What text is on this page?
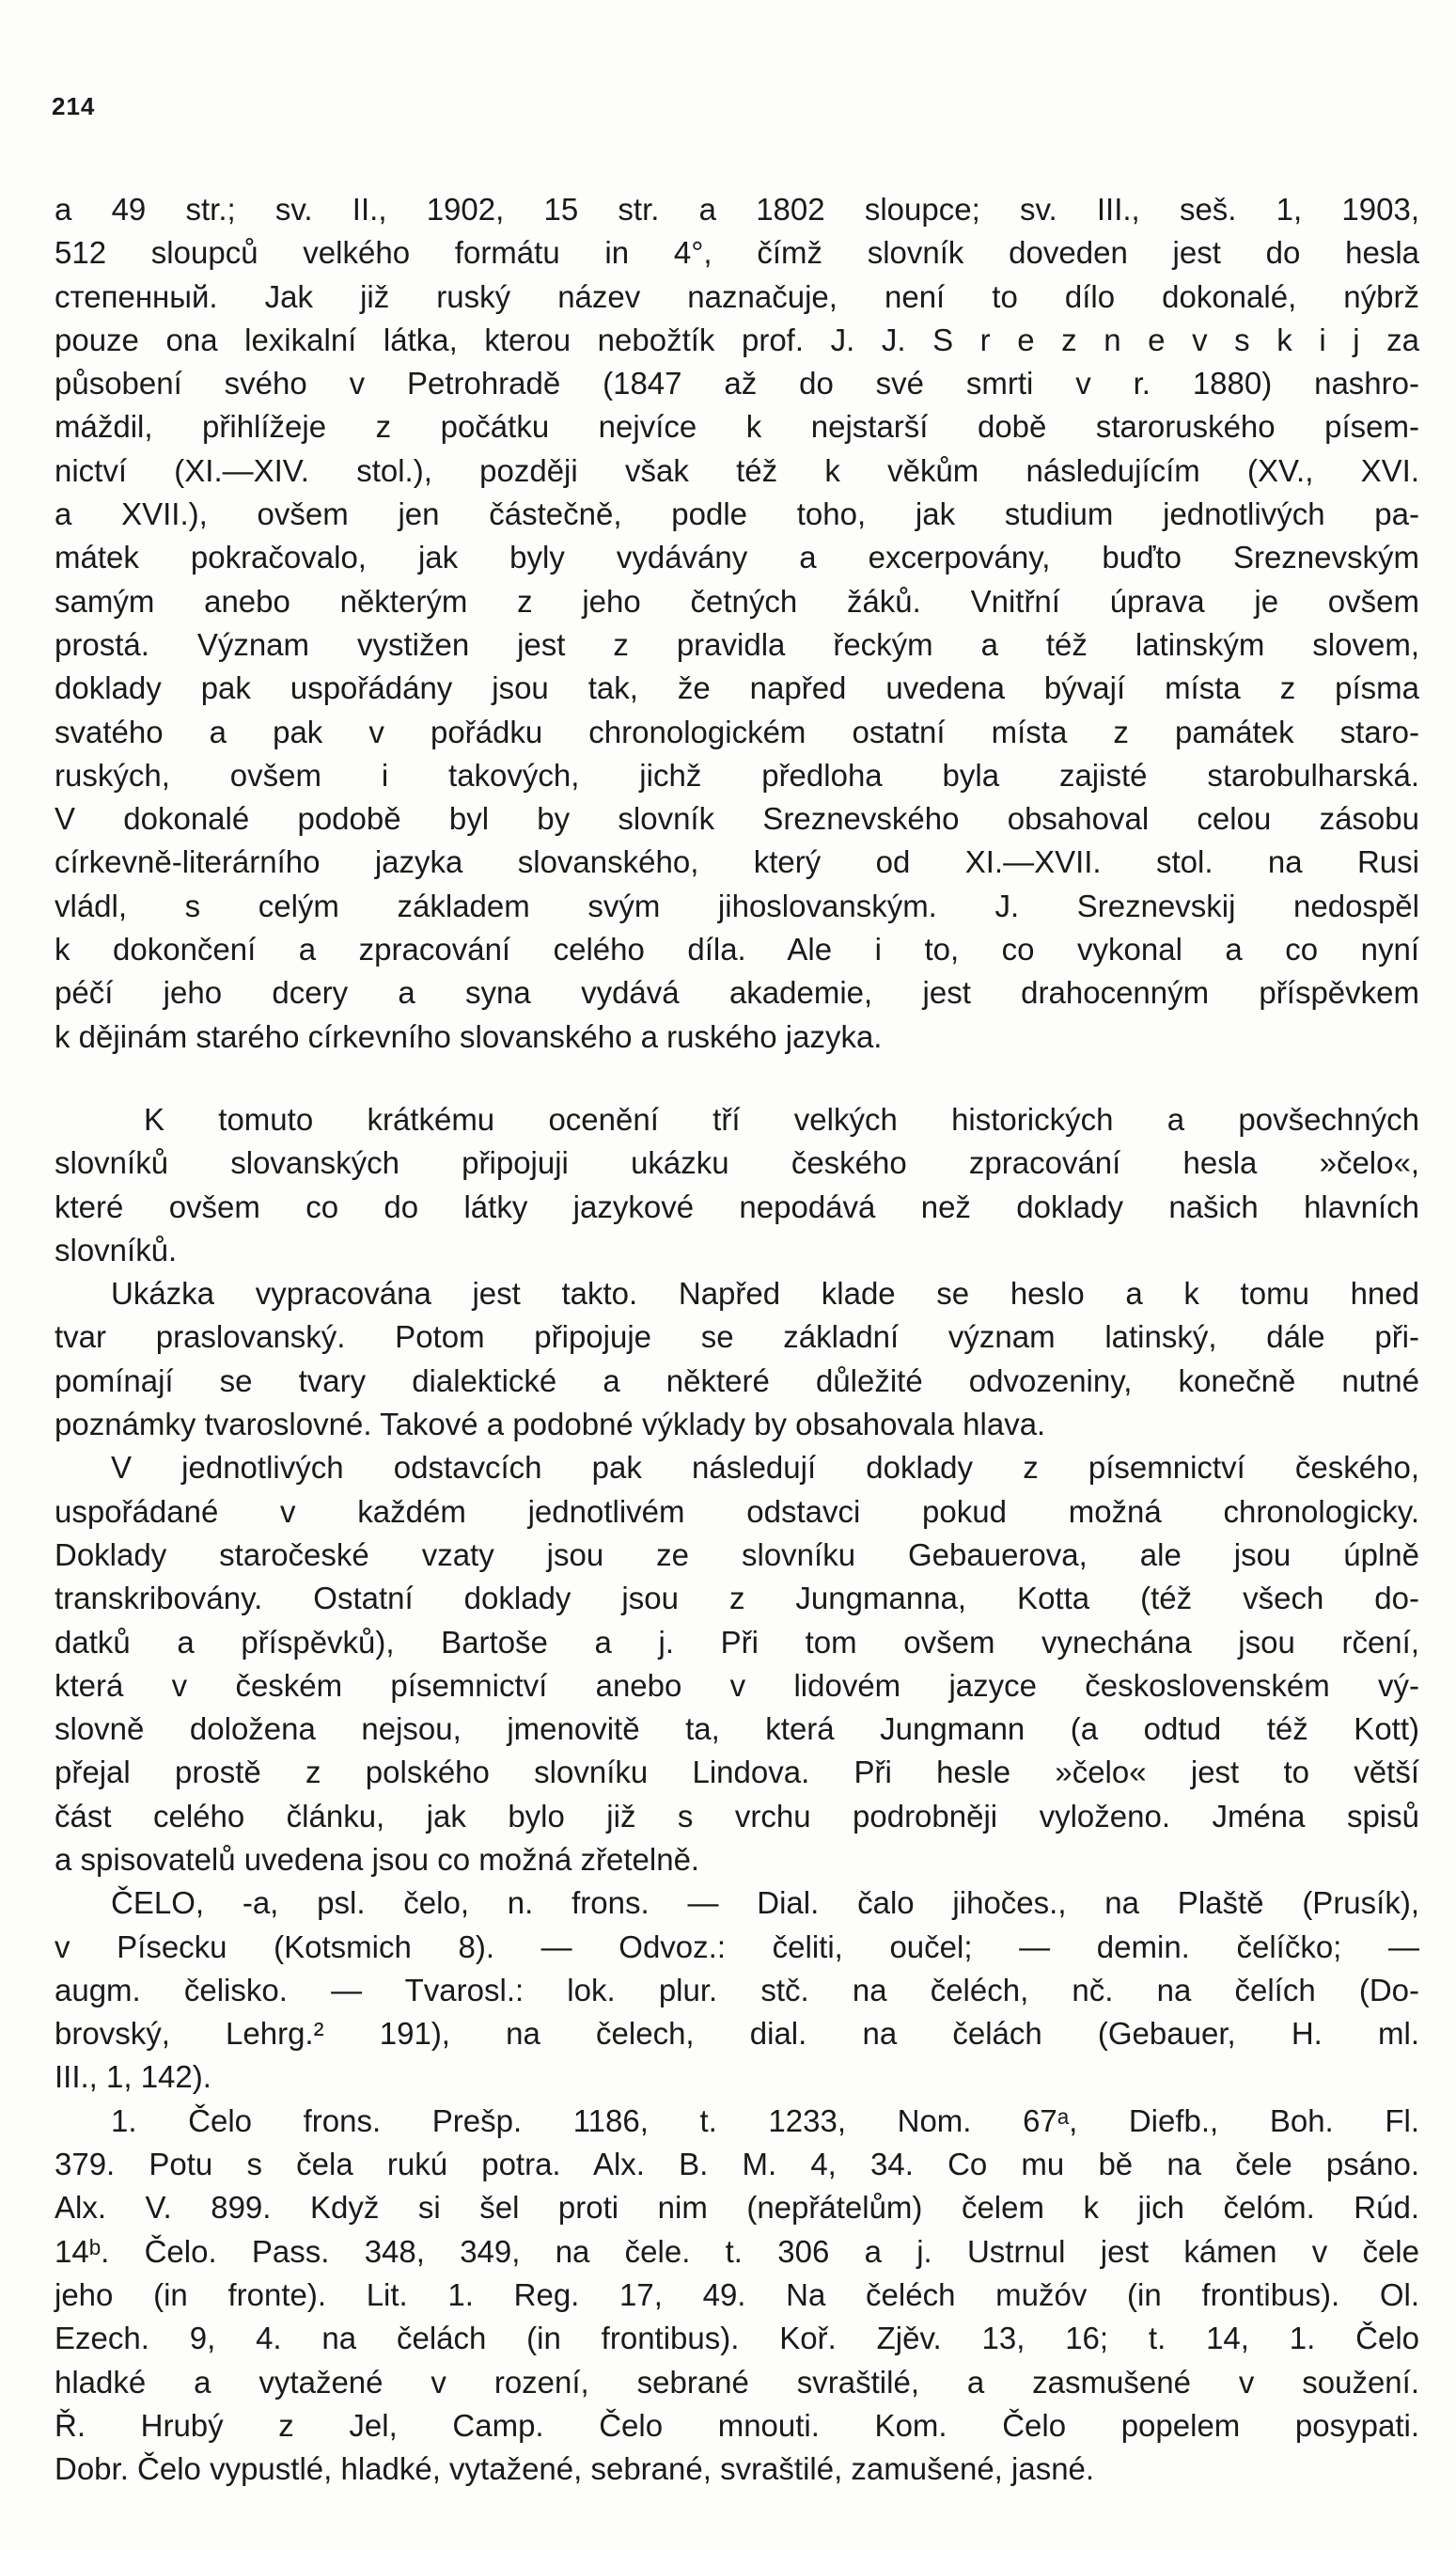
214

a 49 str.; sv. II., 1902, 15 str. a 1802 sloupce; sv. III., seš. 1, 1903,

512 sloupců velkého formátu in 4°, čímž slovník doveden jest do hesla

степенный. Jak již ruský název naznačuje, není to dílo dokonalé, nýbrž

pouze ona lexikalní látka, kterou nebožtík prof. J. J. S r e z n e v s k i j za

působení svého v Petrohradě (1847 až do své smrti v r. 1880) nashro-

máždil, přihlížeje z počátku nejvíce k nejstarší době staroruského písem-

nictví (XI.—XIV. stol.), později však též k věkům následujícím (XV., XVI.

a XVII.), ovšem jen částečně, podle toho, jak studium jednotlivých pa-

mátek pokračovalo, jak byly vydávány a excerpovány, buďto Sreznevským

samým anebo některým z jeho četných žáků. Vnitřní úprava je ovšem

prostá. Význam vystižen jest z pravidla řeckým a též latinským slovem,

doklady pak uspořádány jsou tak, že napřed uvedena bývají místa z písma

svatého a pak v pořádku chronologickém ostatní místa z památek staro-

ruských, ovšem i takových, jichž předloha byla zajisté starobulharská.

V dokonalé podobě byl by slovník Sreznevského obsahoval celou zásobu

církevně-literárního jazyka slovanského, který od XI.—XVII. stol. na Rusi

vládl, s celým základem svým jihoslovanským. J. Sreznevskij nedospěl

k dokončení a zpracování celého díla. Ale i to, co vykonal a co nyní

péčí jeho dcery a syna vydává akademie, jest drahocenným příspěvkem

k dějinám starého církevního slovanského a ruského jazyka.

K tomuto krátkému ocenění tří velkých historických a povšechných

slovníků slovanských připojuji ukázku českého zpracování hesla »čelo«,

které ovšem co do látky jazykové nepodává než doklady našich hlavních

slovníků.

Ukázka vypracována jest takto. Napřed klade se heslo a k tomu hned

tvar praslovanský. Potom připojuje se základní význam latinský, dále při-

pomínají se tvary dialektické a některé důležité odvozeniny, konečně nutné

poznámky tvaroslovné. Takové a podobné výklady by obsahovala hlava.

V jednotlivých odstavcích pak následují doklady z písemnictví českého,

uspořádané v každém jednotlivém odstavci pokud možná chronologicky.

Doklady staročeské vzaty jsou ze slovníku Gebauerova, ale jsou úplně

transkribovány. Ostatní doklady jsou z Jungmanna, Kotta (též všech do-

datků a příspěvků), Bartoše a j. Při tom ovšem vynechána jsou rčení,

která v českém písemnictví anebo v lidovém jazyce československém vý-

slovně doložena nejsou, jmenovitě ta, která Jungmann (a odtud též Kott)

přejal prostě z polského slovníku Lindova. Při hesle »čelo« jest to větší

část celého článku, jak bylo již s vrchu podrobněji vyloženo. Jména spisů

a spisovatelů uvedena jsou co možná zřetelně.

ČELO, -a, psl. čelo, n. frons. — Dial. čalo jihočes., na Plaště (Prusík),

v Písecku (Kotsmich 8). — Odvoz.: čeliti, oučel; — demin. čelíčko; —

augm. čelisko. — Tvarosl.: lok. plur. stč. na čeléch, nč. na čelích (Do-

brovský, Lehrg.² 191), na čelech, dial. na čelách (Gebauer, H. ml.

III., 1, 142).

1. Čelo frons. Prešp. 1186, t. 1233, Nom. 67ᵃ, Diefb., Boh. Fl.

379. Potu s čela rukú potra. Alx. B. M. 4, 34. Co mu bě na čele psáno.

Alx. V. 899. Když si šel proti nim (nepřátelům) čelem k jich čelóm. Rúd.

14ᵇ. Čelo. Pass. 348, 349, na čele. t. 306 a j. Ustrnul jest kámen v čele

jeho (in fronte). Lit. 1. Reg. 17, 49. Na čeléch mužóv (in frontibus). Ol.

Ezech. 9, 4. na čelách (in frontibus). Koř. Zjěv. 13, 16; t. 14, 1. Čelo

hladké a vytažené v rození, sebrané svraštilé, a zasmušené v soužení.

Ř. Hrubý z Jel, Camp. Čelo mnouti. Kom. Čelo popelem posypati.

Dobr. Čelo vypustlé, hladké, vytažené, sebrané, svraštilé, zamušené, jasné.
